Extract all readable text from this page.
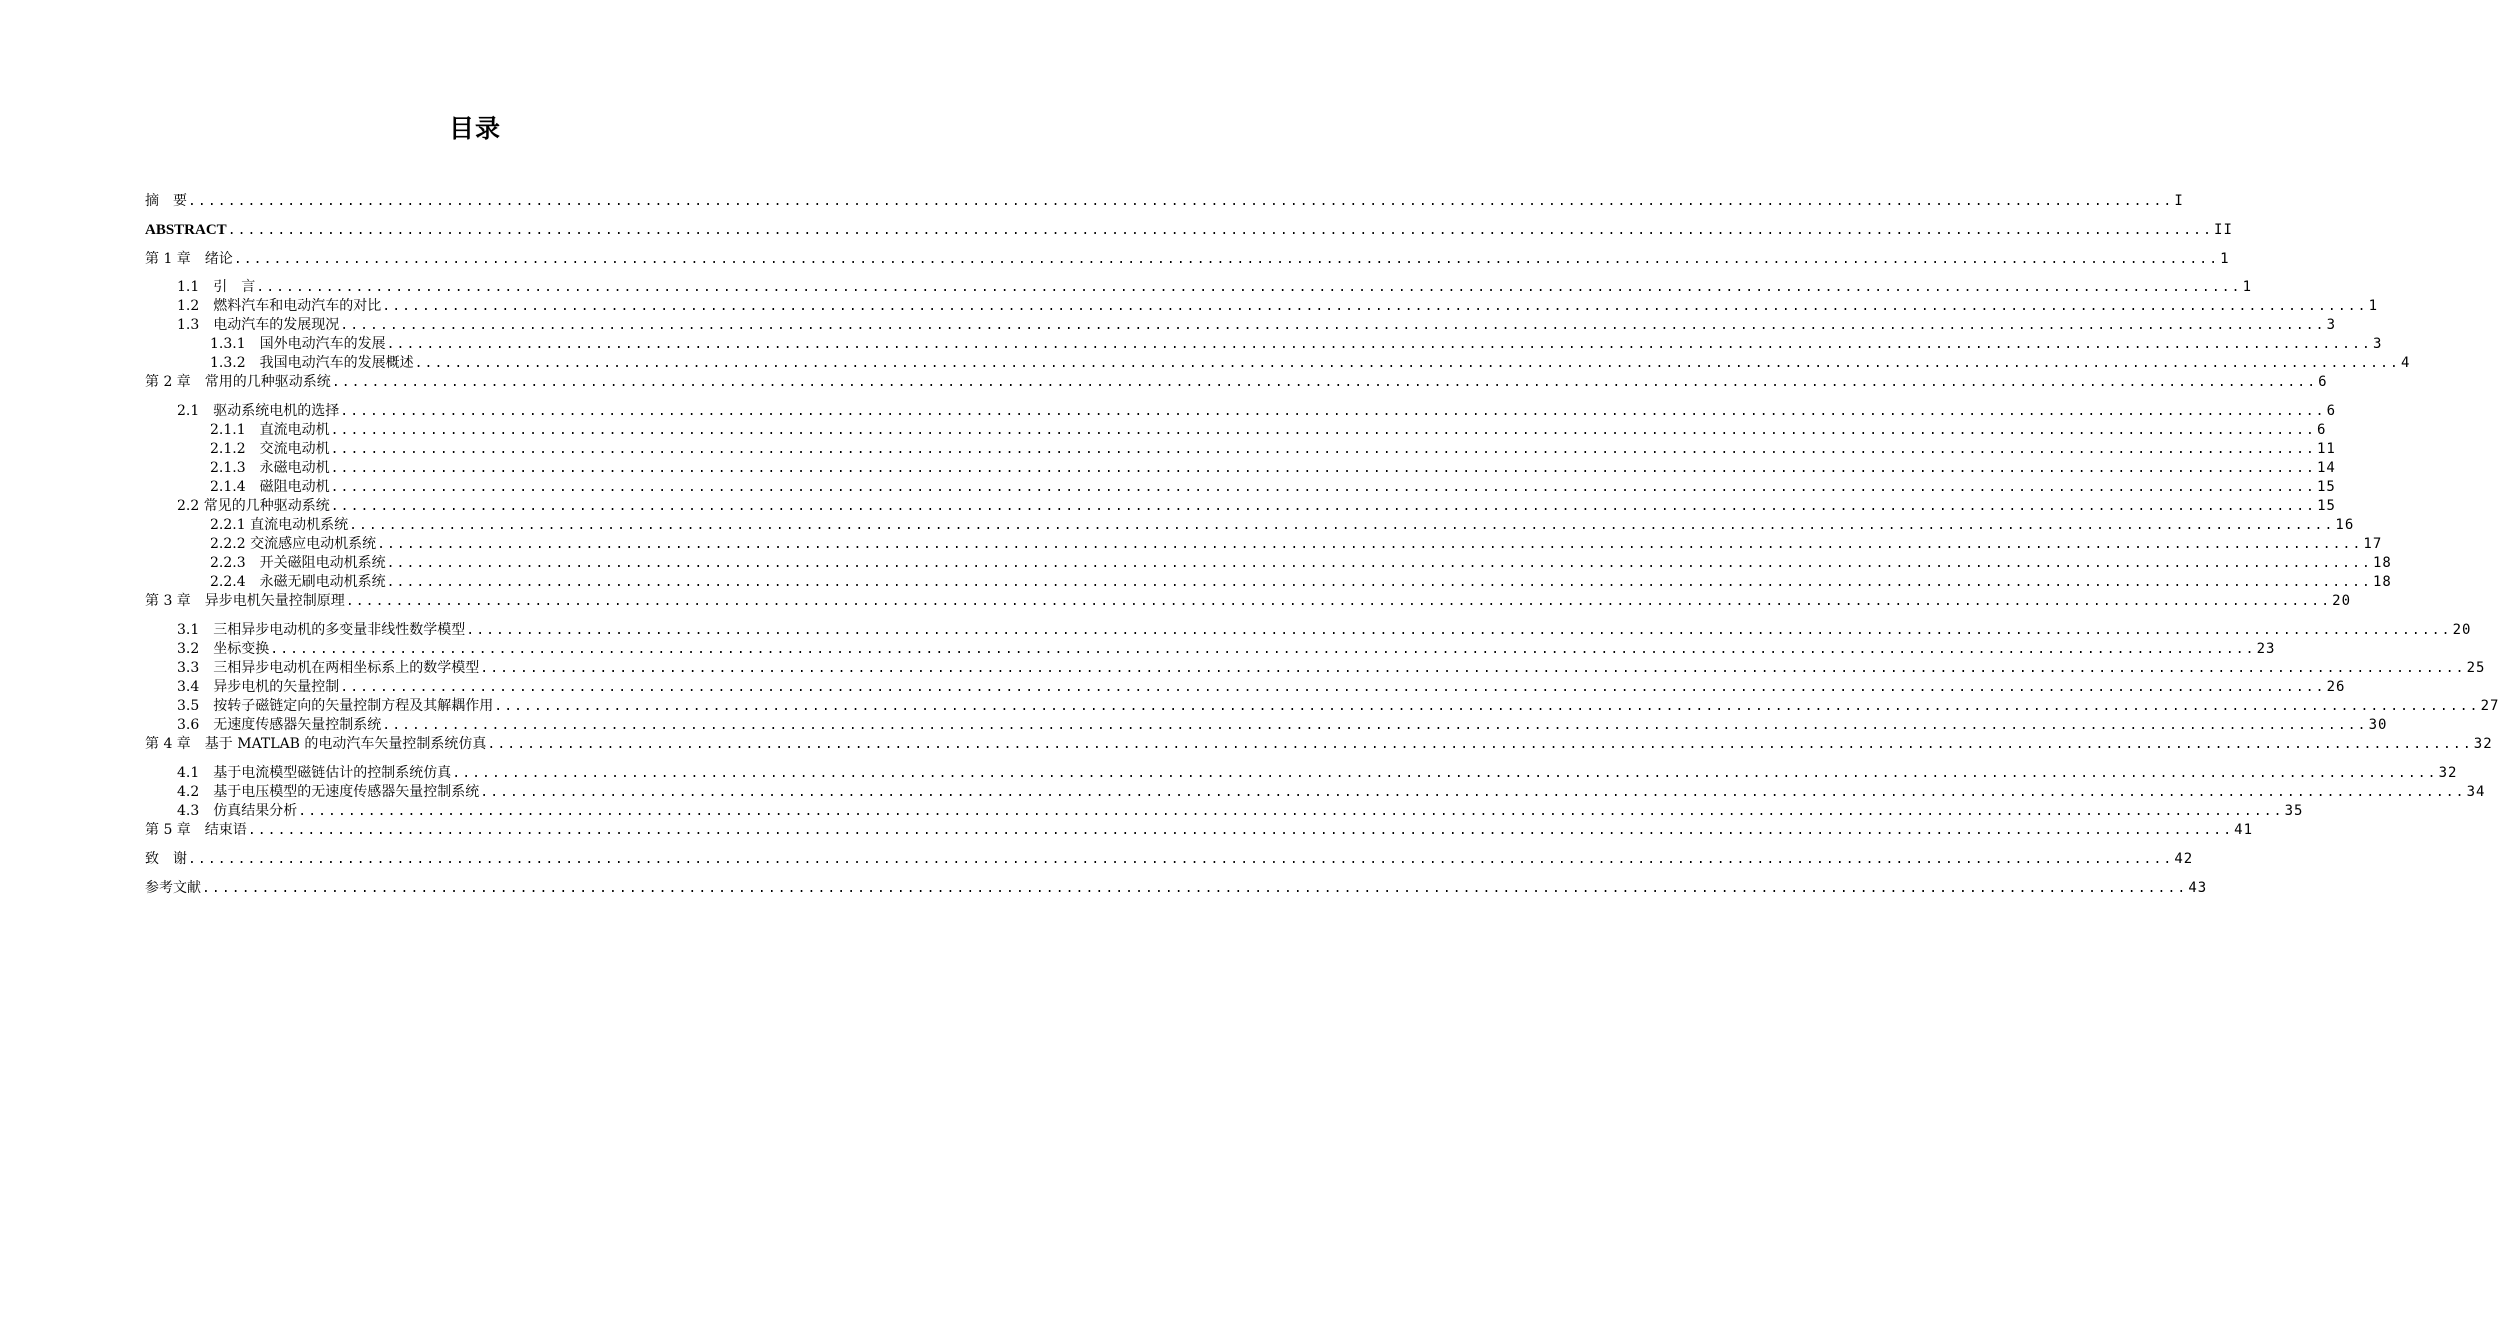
目录
摘　要 ........................................................................................................................................................................................................ I
ABSTRACT ........................................................................................................................................................................................................ II
第 1 章　绪论 ........................................................................................................................................................................................................ 1
1.1　引　言 ........................................................................................................................................................................................................ 1
1.2　燃料汽车和电动汽车的对比 ........................................................................................................................................................................................................ 1
1.3　电动汽车的发展现况 ........................................................................................................................................................................................................ 3
1.3.1　国外电动汽车的发展 ........................................................................................................................................................................................................ 3
1.3.2　我国电动汽车的发展概述 ........................................................................................................................................................................................................ 4
第 2 章　常用的几种驱动系统 ........................................................................................................................................................................................................ 6
2.1　驱动系统电机的选择 ........................................................................................................................................................................................................ 6
2.1.1　直流电动机 ........................................................................................................................................................................................................ 6
2.1.2　交流电动机 ........................................................................................................................................................................................................ 11
2.1.3　永磁电动机 ........................................................................................................................................................................................................ 14
2.1.4　磁阻电动机 ........................................................................................................................................................................................................ 15
2.2 常见的几种驱动系统 ........................................................................................................................................................................................................ 15
2.2.1 直流电动机系统 ........................................................................................................................................................................................................ 16
2.2.2 交流感应电动机系统 ........................................................................................................................................................................................................ 17
2.2.3　开关磁阻电动机系统 ........................................................................................................................................................................................................ 18
2.2.4　永磁无刷电动机系统 ........................................................................................................................................................................................................ 18
第 3 章　异步电机矢量控制原理 ........................................................................................................................................................................................................ 20
3.1　三相异步电动机的多变量非线性数学模型 ........................................................................................................................................................................................................ 20
3.2　坐标变换 ........................................................................................................................................................................................................ 23
3.3　三相异步电动机在两相坐标系上的数学模型 ........................................................................................................................................................................................................ 25
3.4　异步电机的矢量控制 ........................................................................................................................................................................................................ 26
3.5　按转子磁链定向的矢量控制方程及其解耦作用 ........................................................................................................................................................................................................ 27
3.6　无速度传感器矢量控制系统 ........................................................................................................................................................................................................ 30
第 4 章　基于 MATLAB 的电动汽车矢量控制系统仿真 ........................................................................................................................................................................................................ 32
4.1　基于电流模型磁链估计的控制系统仿真 ........................................................................................................................................................................................................ 32
4.2　基于电压模型的无速度传感器矢量控制系统 ........................................................................................................................................................................................................ 34
4.3　仿真结果分析 ........................................................................................................................................................................................................ 35
第 5 章　结束语 ........................................................................................................................................................................................................ 41
致　谢 ........................................................................................................................................................................................................ 42
参考文献 ........................................................................................................................................................................................................ 43
